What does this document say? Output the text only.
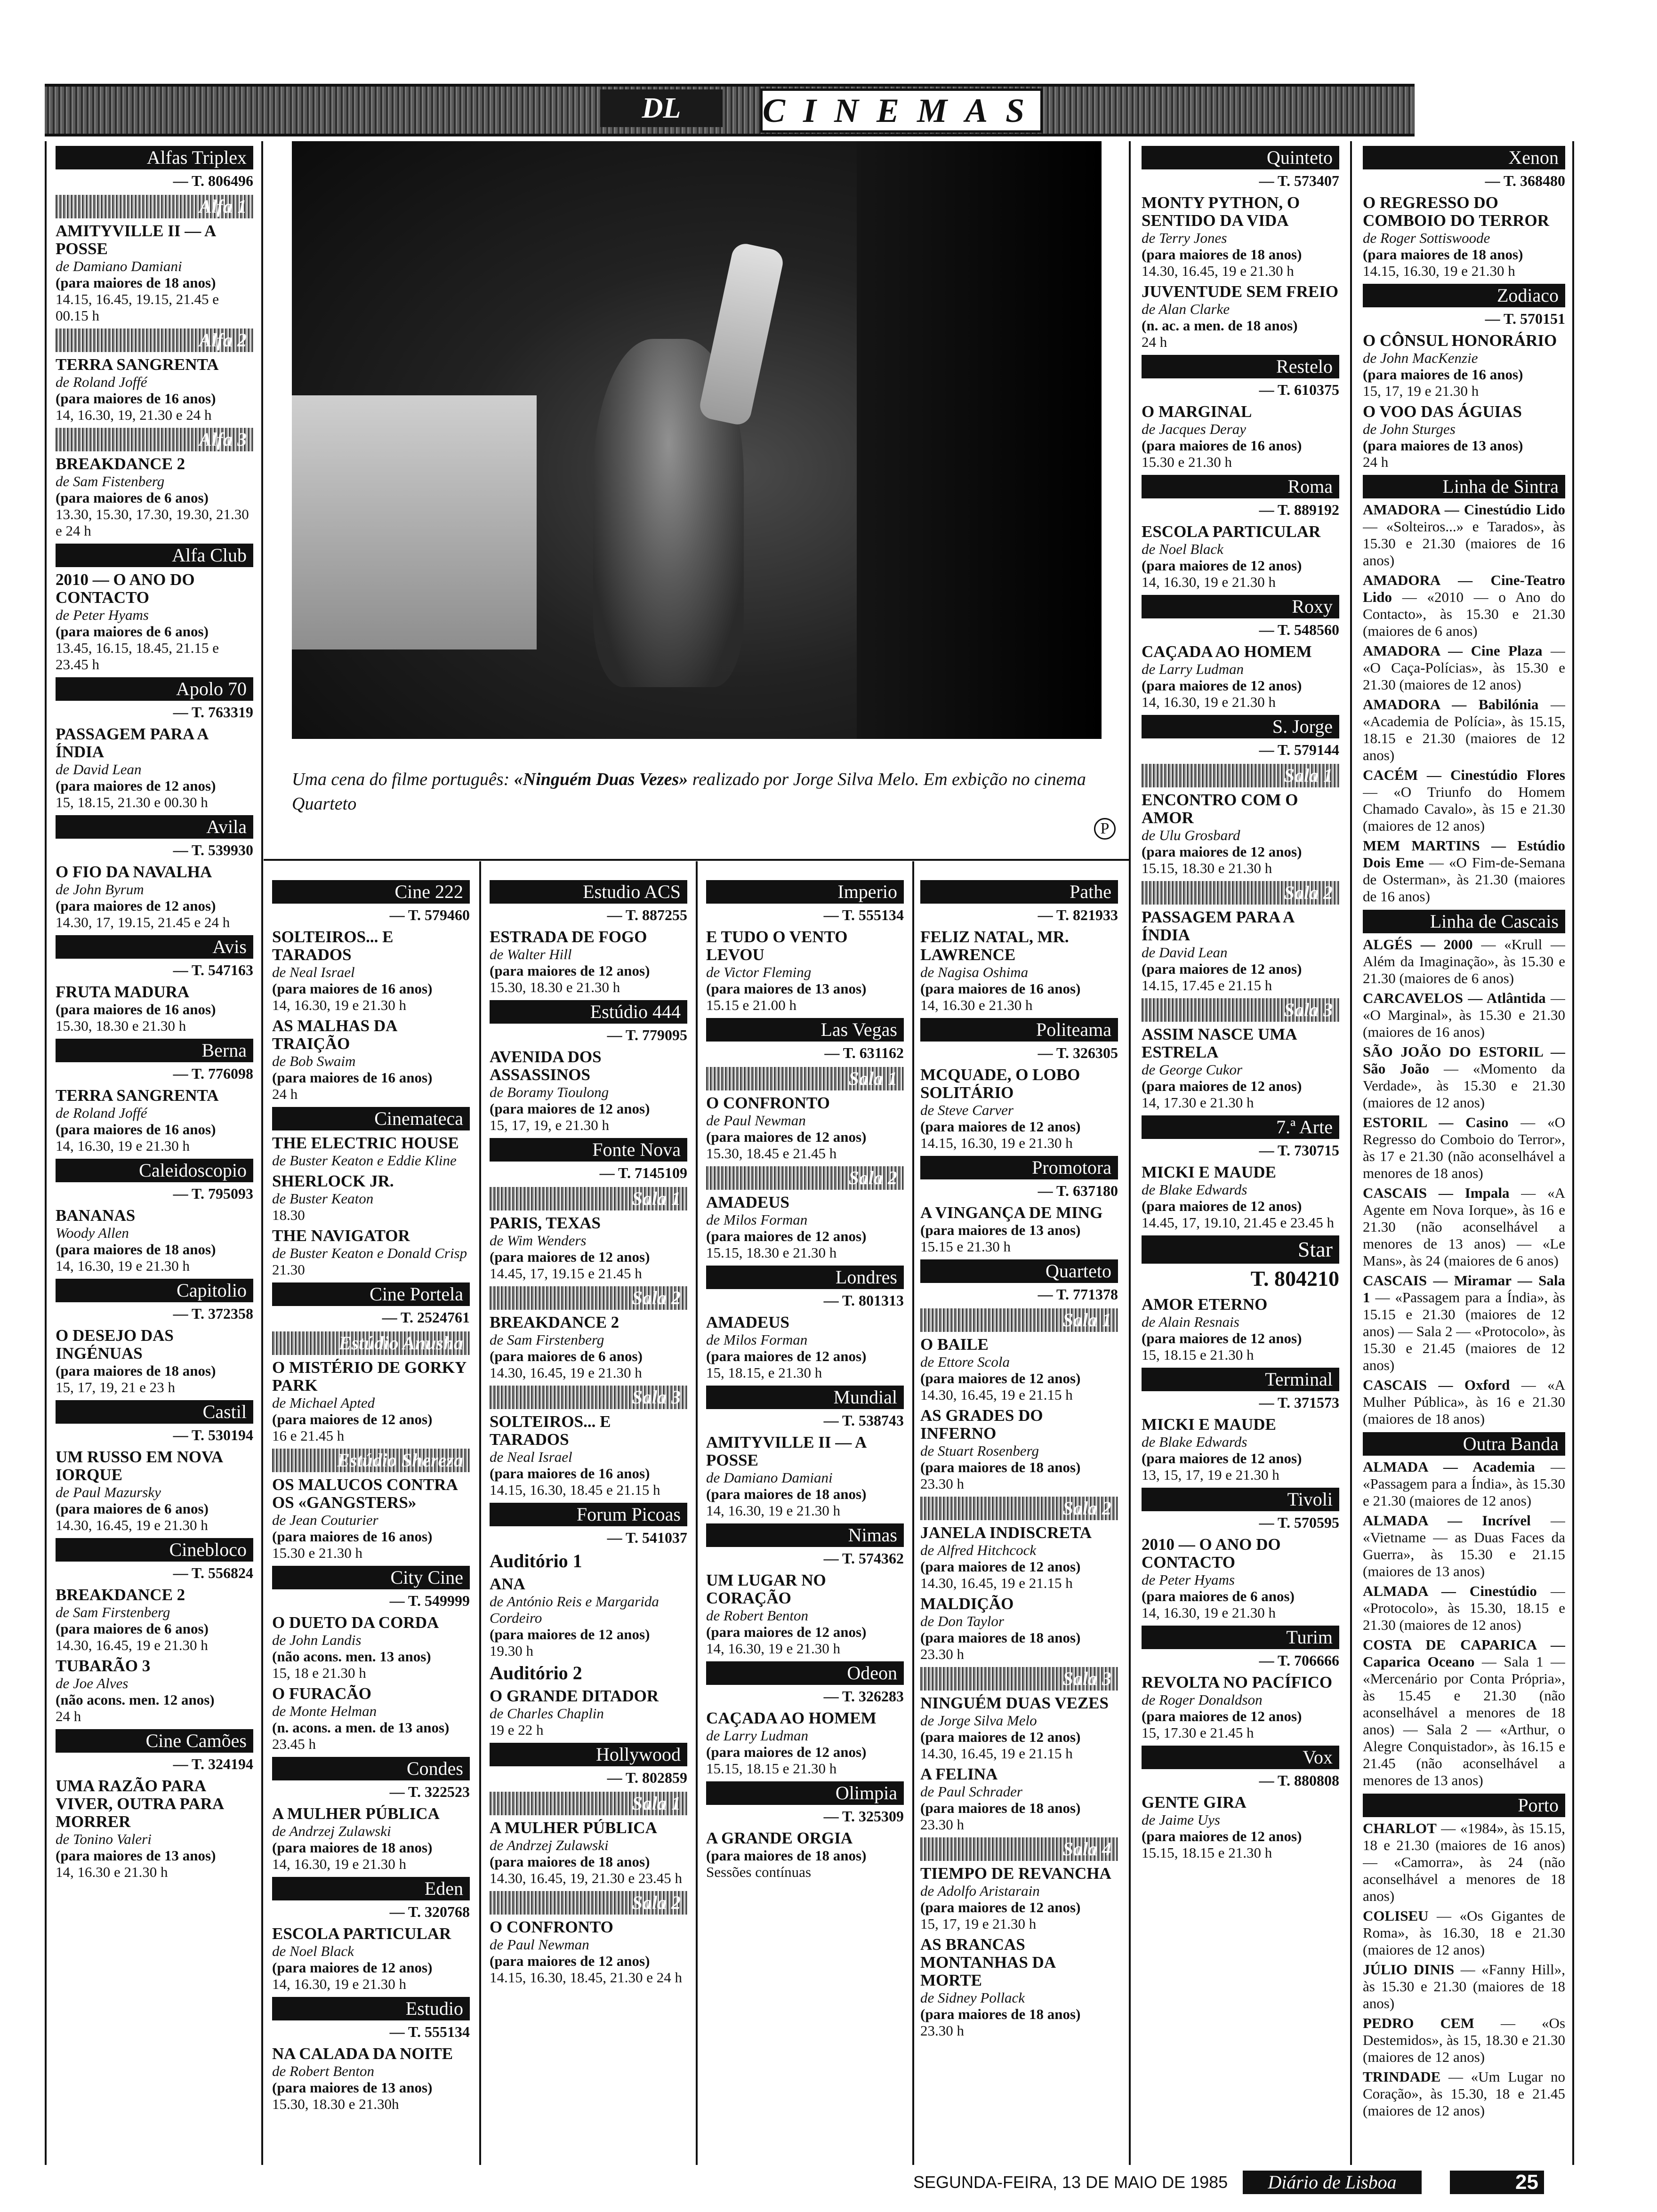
DL	CINEMAS
Uma cena do filme português: «Ninguém Duas Vezes» realizado por Jorge Silva Melo. Em exbição no cinema Quarteto
P
Alfas Triplex
— T. 806496
Alfa 1
AMITYVILLE II — A POSSE
de Damiano Damiani
(para maiores de 18 anos)
14.15, 16.45, 19.15, 21.45 e 00.15 h
Alfa 2
TERRA SANGRENTA
de Roland Joffé
(para maiores de 16 anos)
14, 16.30, 19, 21.30 e 24 h
Alfa 3
BREAKDANCE 2
de Sam Fistenberg
(para maiores de 6 anos)
13.30, 15.30, 17.30, 19.30, 21.30 e 24 h
Alfa Club
2010 — O ANO DO CONTACTO
de Peter Hyams
(para maiores de 6 anos)
13.45, 16.15, 18.45, 21.15 e 23.45 h
Apolo 70
— T. 763319
PASSAGEM PARA A ÍNDIA
de David Lean
(para maiores de 12 anos)
15, 18.15, 21.30 e 00.30 h
Avila
— T. 539930
O FIO DA NAVALHA
de John Byrum
(para maiores de 12 anos)
14.30, 17, 19.15, 21.45 e 24 h
Avis
— T. 547163
FRUTA MADURA
(para maiores de 16 anos)
15.30, 18.30 e 21.30 h
Berna
— T. 776098
TERRA SANGRENTA
de Roland Joffé
(para maiores de 16 anos)
14, 16.30, 19 e 21.30 h
Caleidoscopio
— T. 795093
BANANAS
Woody Allen
(para maiores de 18 anos)
14, 16.30, 19 e 21.30 h
Capitolio
— T. 372358
O DESEJO DAS INGÉNUAS
(para maiores de 18 anos)
15, 17, 19, 21 e 23 h
Castil
— T. 530194
UM RUSSO EM NOVA IORQUE
de Paul Mazursky
(para maiores de 6 anos)
14.30, 16.45, 19 e 21.30 h
Cinebloco
— T. 556824
BREAKDANCE 2
de Sam Firstenberg
(para maiores de 6 anos)
14.30, 16.45, 19 e 21.30 h
TUBARÃO 3
de Joe Alves
(não acons. men. 12 anos)
24 h
Cine Camões
— T. 324194
UMA RAZÃO PARA VIVER, OUTRA PARA MORRER
de Tonino Valeri
(para maiores de 13 anos)
14, 16.30 e 21.30 h
Cine 222
— T. 579460
SOLTEIROS... E TARADOS
de Neal Israel
(para maiores de 16 anos)
14, 16.30, 19 e 21.30 h
AS MALHAS DA TRAIÇÃO
de Bob Swaim
(para maiores de 16 anos)
24 h
Cinemateca
THE ELECTRIC HOUSE
de Buster Keaton e Eddie Kline
SHERLOCK JR.
de Buster Keaton
18.30
THE NAVIGATOR
de Buster Keaton e Donald Crisp
21.30
Cine Portela
— T. 2524761
Estúdio Anusha
O MISTÉRIO DE GORKY PARK
de Michael Apted
(para maiores de 12 anos)
16 e 21.45 h
Estúdio Shereza
OS MALUCOS CONTRA OS «GANGSTERS»
de Jean Couturier
(para maiores de 16 anos)
15.30 e 21.30 h
City Cine
— T. 549999
O DUETO DA CORDA
de John Landis
(não acons. men. 13 anos)
15, 18 e 21.30 h
O FURACÃO
de Monte Helman
(n. acons. a men. de 13 anos)
23.45 h
Condes
— T. 322523
A MULHER PÚBLICA
de Andrzej Zulawski
(para maiores de 18 anos)
14, 16.30, 19 e 21.30 h
Eden
— T. 320768
ESCOLA PARTICULAR
de Noel Black
(para maiores de 12 anos)
14, 16.30, 19 e 21.30 h
Estudio
— T. 555134
NA CALADA DA NOITE
de Robert Benton
(para maiores de 13 anos)
15.30, 18.30 e 21.30h
Estudio ACS
— T. 887255
ESTRADA DE FOGO
de Walter Hill
(para maiores de 12 anos)
15.30, 18.30 e 21.30 h
Estúdio 444
— T. 779095
AVENIDA DOS ASSASSINOS
de Boramy Tioulong
(para maiores de 12 anos)
15, 17, 19, e 21.30 h
Fonte Nova
— T. 7145109
Sala 1
PARIS, TEXAS
de Wim Wenders
(para maiores de 12 anos)
14.45, 17, 19.15 e 21.45 h
Sala 2
BREAKDANCE 2
de Sam Firstenberg
(para maiores de 6 anos)
14.30, 16.45, 19 e 21.30 h
Sala 3
SOLTEIROS... E TARADOS
de Neal Israel
(para maiores de 16 anos)
14.15, 16.30, 18.45 e 21.15 h
Forum Picoas
— T. 541037
Auditório 1
ANA
de António Reis e Margarida Cordeiro
(para maiores de 12 anos)
19.30 h
Auditório 2
O GRANDE DITADOR
de Charles Chaplin
19 e 22 h
Hollywood
— T. 802859
Sala 1
A MULHER PÚBLICA
de Andrzej Zulawski
(para maiores de 18 anos)
14.30, 16.45, 19, 21.30 e 23.45 h
Sala 2
O CONFRONTO
de Paul Newman
(para maiores de 12 anos)
14.15, 16.30, 18.45, 21.30 e 24 h
Imperio
— T. 555134
E TUDO O VENTO LEVOU
de Victor Fleming
(para maiores de 13 anos)
15.15 e 21.00 h
Las Vegas
— T. 631162
Sala 1
O CONFRONTO
de Paul Newman
(para maiores de 12 anos)
15.30, 18.45 e 21.45 h
Sala 2
AMADEUS
de Milos Forman
(para maiores de 12 anos)
15.15, 18.30 e 21.30 h
Londres
— T. 801313
AMADEUS
de Milos Forman
(para maiores de 12 anos)
15, 18.15, e 21.30 h
Mundial
— T. 538743
AMITYVILLE II — A POSSE
de Damiano Damiani
(para maiores de 18 anos)
14, 16.30, 19 e 21.30 h
Nimas
— T. 574362
UM LUGAR NO CORAÇÃO
de Robert Benton
(para maiores de 12 anos)
14, 16.30, 19 e 21.30 h
Odeon
— T. 326283
CAÇADA AO HOMEM
de Larry Ludman
(para maiores de 12 anos)
15.15, 18.15 e 21.30 h
Olimpia
— T. 325309
A GRANDE ORGIA
(para maiores de 18 anos)
Sessões contínuas
Pathe
— T. 821933
FELIZ NATAL, MR. LAWRENCE
de Nagisa Oshima
(para maiores de 16 anos)
14, 16.30 e 21.30 h
Politeama
— T. 326305
MCQUADE, O LOBO SOLITÁRIO
de Steve Carver
(para maiores de 12 anos)
14.15, 16.30, 19 e 21.30 h
Promotora
— T. 637180
A VINGANÇA DE MING
(para maiores de 13 anos)
15.15 e 21.30 h
Quarteto
— T. 771378
Sala 1
O BAILE
de Ettore Scola
(para maiores de 12 anos)
14.30, 16.45, 19 e 21.15 h
AS GRADES DO INFERNO
de Stuart Rosenberg
(para maiores de 18 anos)
23.30 h
Sala 2
JANELA INDISCRETA
de Alfred Hitchcock
(para maiores de 12 anos)
14.30, 16.45, 19 e 21.15 h
MALDIÇÃO
de Don Taylor
(para maiores de 18 anos)
23.30 h
Sala 3
NINGUÉM DUAS VEZES
de Jorge Silva Melo
(para maiores de 12 anos)
14.30, 16.45, 19 e 21.15 h
A FELINA
de Paul Schrader
(para maiores de 18 anos)
23.30 h
Sala 4
TIEMPO DE REVANCHA
de Adolfo Aristarain
(para maiores de 12 anos)
15, 17, 19 e 21.30 h
AS BRANCAS MONTANHAS DA MORTE
de Sidney Pollack
(para maiores de 18 anos)
23.30 h
Quinteto
— T. 573407
MONTY PYTHON, O SENTIDO DA VIDA
de Terry Jones
(para maiores de 18 anos)
14.30, 16.45, 19 e 21.30 h
JUVENTUDE SEM FREIO
de Alan Clarke
(n. ac. a men. de 18 anos)
24 h
Restelo
— T. 610375
O MARGINAL
de Jacques Deray
(para maiores de 16 anos)
15.30 e 21.30 h
Roma
— T. 889192
ESCOLA PARTICULAR
de Noel Black
(para maiores de 12 anos)
14, 16.30, 19 e 21.30 h
Roxy
— T. 548560
CAÇADA AO HOMEM
de Larry Ludman
(para maiores de 12 anos)
14, 16.30, 19 e 21.30 h
S. Jorge
— T. 579144
Sala 1
ENCONTRO COM O AMOR
de Ulu Grosbard
(para maiores de 12 anos)
15.15, 18.30 e 21.30 h
Sala 2
PASSAGEM PARA A ÍNDIA
de David Lean
(para maiores de 12 anos)
14.15, 17.45 e 21.15 h
Sala 3
ASSIM NASCE UMA ESTRELA
de George Cukor
(para maiores de 12 anos)
14, 17.30 e 21.30 h
7.ª Arte
— T. 730715
MICKI E MAUDE
de Blake Edwards
(para maiores de 12 anos)
14.45, 17, 19.10, 21.45 e 23.45 h
Star
T. 804210
AMOR ETERNO
de Alain Resnais
(para maiores de 12 anos)
15, 18.15 e 21.30 h
Terminal
— T. 371573
MICKI E MAUDE
de Blake Edwards
(para maiores de 12 anos)
13, 15, 17, 19 e 21.30 h
Tivoli
— T. 570595
2010 — O ANO DO CONTACTO
de Peter Hyams
(para maiores de 6 anos)
14, 16.30, 19 e 21.30 h
Turim
— T. 706666
REVOLTA NO PACÍFICO
de Roger Donaldson
(para maiores de 12 anos)
15, 17.30 e 21.45 h
Vox
— T. 880808
GENTE GIRA
de Jaime Uys
(para maiores de 12 anos)
15.15, 18.15 e 21.30 h
Xenon
— T. 368480
O REGRESSO DO COMBOIO DO TERROR
de Roger Sottiswoode
(para maiores de 18 anos)
14.15, 16.30, 19 e 21.30 h
Zodiaco
— T. 570151
O CÔNSUL HONORÁRIO
de John MacKenzie
(para maiores de 16 anos)
15, 17, 19 e 21.30 h
O VOO DAS ÁGUIAS
de John Sturges
(para maiores de 13 anos)
24 h
Linha de Sintra
AMADORA — Cinestúdio Lido — «Solteiros...» e Tarados», às 15.30 e 21.30 (maiores de 16 anos)
AMADORA — Cine-Teatro Lido — «2010 — o Ano do Contacto», às 15.30 e 21.30 (maiores de 6 anos)
AMADORA — Cine Plaza — «O Caça-Polícias», às 15.30 e 21.30 (maiores de 12 anos)
AMADORA — Babilónia — «Academia de Polícia», às 15.15, 18.15 e 21.30 (maiores de 12 anos)
CACÉM — Cinestúdio Flores — «O Triunfo do Homem Chamado Cavalo», às 15 e 21.30 (maiores de 12 anos)
MEM MARTINS — Estúdio Dois Eme — «O Fim-de-Semana de Osterman», às 21.30 (maiores de 16 anos)
Linha de Cascais
ALGÉS — 2000 — «Krull — Além da Imaginação», às 15.30 e 21.30 (maiores de 6 anos)
CARCAVELOS — Atlântida — «O Marginal», às 15.30 e 21.30 (maiores de 16 anos)
SÃO JOÃO DO ESTORIL — São João — «Momento da Verdade», às 15.30 e 21.30 (maiores de 12 anos)
ESTORIL — Casino — «O Regresso do Comboio do Terror», às 17 e 21.30 (não aconselhável a menores de 18 anos)
CASCAIS — Impala — «A Agente em Nova Iorque», às 16 e 21.30 (não aconselhável a menores de 13 anos) — «Le Mans», às 24 (maiores de 6 anos)
CASCAIS — Miramar — Sala 1 — «Passagem para a Índia», às 15.15 e 21.30 (maiores de 12 anos) — Sala 2 — «Protocolo», às 15.30 e 21.45 (maiores de 12 anos)
CASCAIS — Oxford — «A Mulher Pública», às 16 e 21.30 (maiores de 18 anos)
Outra Banda
ALMADA — Academia — «Passagem para a Índia», às 15.30 e 21.30 (maiores de 12 anos)
ALMADA — Incrível — «Vietname — as Duas Faces da Guerra», às 15.30 e 21.15 (maiores de 13 anos)
ALMADA — Cinestúdio — «Protocolo», às 15.30, 18.15 e 21.30 (maiores de 12 anos)
COSTA DE CAPARICA — Caparica Oceano — Sala 1 — «Mercenário por Conta Própria», às 15.45 e 21.30 (não aconselhável a menores de 18 anos) — Sala 2 — «Arthur, o Alegre Conquistador», às 16.15 e 21.45 (não aconselhável a menores de 13 anos)
Porto
CHARLOT — «1984», às 15.15, 18 e 21.30 (maiores de 16 anos) — «Camorra», às 24 (não aconselhável a menores de 18 anos)
COLISEU — «Os Gigantes de Roma», às 16.30, 18 e 21.30 (maiores de 12 anos)
JÚLIO DINIS — «Fanny Hill», às 15.30 e 21.30 (maiores de 18 anos)
PEDRO CEM — «Os Destemidos», às 15, 18.30 e 21.30 (maiores de 12 anos)
TRINDADE — «Um Lugar no Coração», às 15.30, 18 e 21.45 (maiores de 12 anos)
SEGUNDA-FEIRA, 13 DE MAIO DE 1985	Diário de Lisboa	25
